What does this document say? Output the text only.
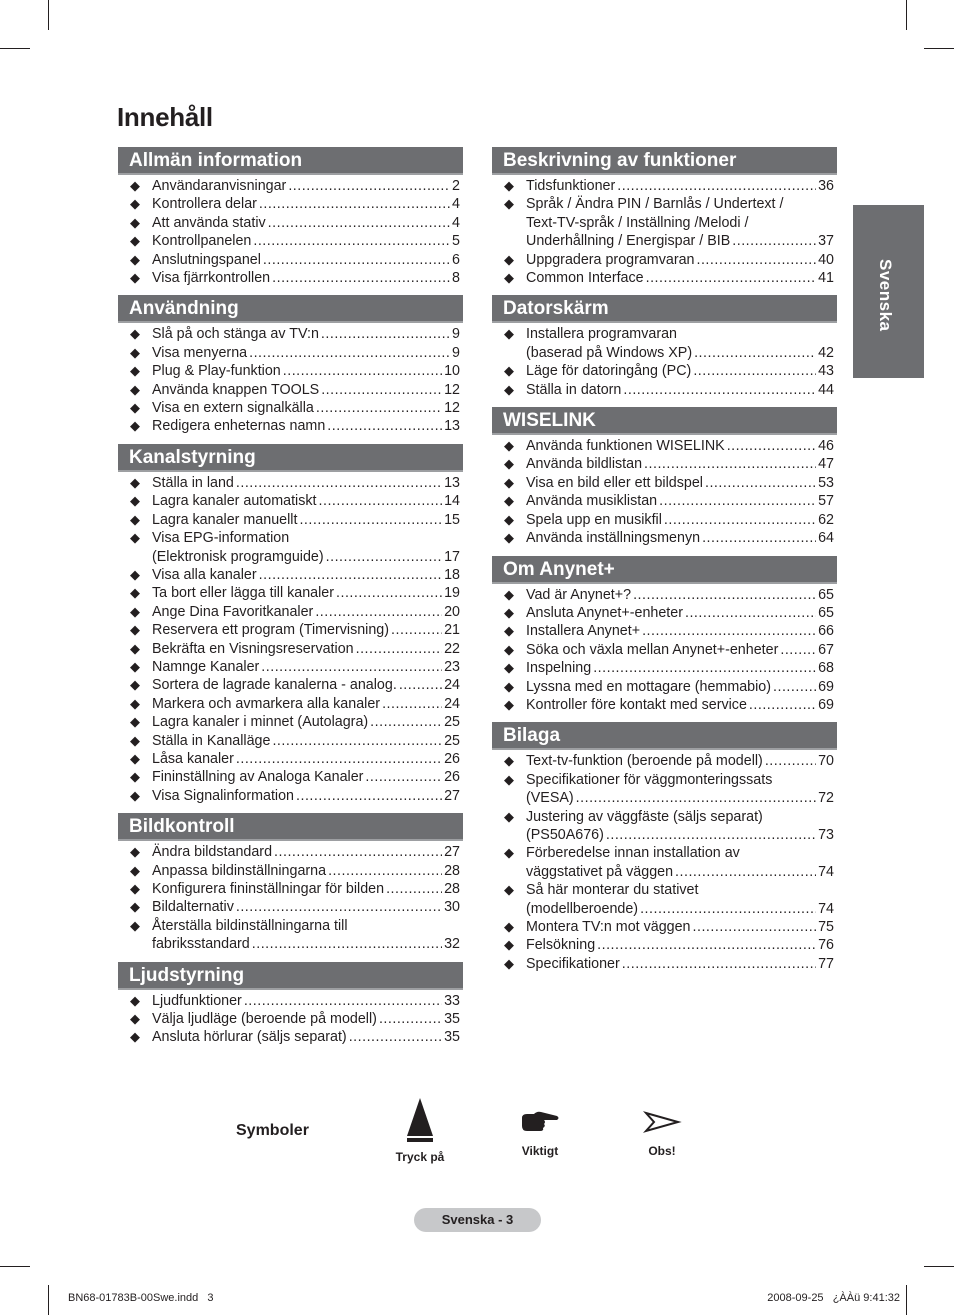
Innehåll
Allmän information
◆ Användaranvisningar .....	2
◆ Kontrollera delar .....	4
◆ Att använda stativ .....	4
◆ Kontrollpanelen .....	5
◆ Anslutningspanel .....	6
◆ Visa fjärrkontrollen .....	8
Användning
◆ Slå på och stänga av TV:n .....	9
◆ Visa menyerna .....	9
◆ Plug & Play-funktion .....	10
◆ Använda knappen TOOLS .....	12
◆ Visa en extern signalkälla .....	12
◆ Redigera enheternas namn .....	13
Kanalstyrning
◆ Ställa in land .....	13
◆ Lagra kanaler automatiskt .....	14
◆ Lagra kanaler manuellt .....	15
◆ Visa EPG-information
(Elektronisk programguide) .....	17
◆ Visa alla kanaler .....	18
◆ Ta bort eller lägga till kanaler .....	19
◆ Ange Dina Favoritkanaler .....	20
◆ Reservera ett program (Timervisning) .....	21
◆ Bekräfta en Visningsreservation .....	22
◆ Namnge Kanaler .....	23
◆ Sortera de lagrade kanalerna - analog. .....	24
◆ Markera och avmarkera alla kanaler .....	24
◆ Lagra kanaler i minnet (Autolagra) .....	25
◆ Ställa in Kanalläge .....	25
◆ Låsa kanaler .....	26
◆ Fininställning av Analoga Kanaler .....	26
◆ Visa Signalinformation .....	27
Bildkontroll
◆ Ändra bildstandard .....	27
◆ Anpassa bildinställningarna .....	28
◆ Konfigurera fininställningar för bilden .....	28
◆ Bildalternativ .....	30
◆ Återställa bildinställningarna till
fabriksstandard .....	32
Ljudstyrning
◆ Ljudfunktioner .....	33
◆ Välja ljudläge (beroende på modell) .....	35
◆ Ansluta hörlurar (säljs separat) .....	35
Beskrivning av funktioner
◆ Tidsfunktioner .....	36
◆ Språk / Ändra PIN / Barnlås / Undertext /
Text-TV-språk / Inställning /Melodi /
Underhållning / Energispar / BIB .....	37
◆ Uppgradera programvaran .....	40
◆ Common Interface .....	41
Datorskärm
◆ Installera programvaran
(baserad på Windows XP) .....	42
◆ Läge för datoringång (PC) .....	43
◆ Ställa in datorn .....	44
WISELINK
◆ Använda funktionen WISELINK .....	46
◆ Använda bildlistan .....	47
◆ Visa en bild eller ett bildspel .....	53
◆ Använda musiklistan .....	57
◆ Spela upp en musikfil .....	62
◆ Använda inställningsmenyn .....	64
Om Anynet+
◆ Vad är Anynet+? .....	65
◆ Ansluta Anynet+-enheter .....	65
◆ Installera Anynet+ .....	66
◆ Söka och växla mellan Anynet+-enheter .....	67
◆ Inspelning .....	68
◆ Lyssna med en mottagare (hemmabio) .....	69
◆ Kontroller före kontakt med service .....	69
Bilaga
◆ Text-tv-funktion (beroende på modell) .....	70
◆ Specifikationer för väggmonteringssats
(VESA) .....	72
◆ Justering av väggfäste (säljs separat)
(PS50A676) .....	73
◆ Förberedelse innan installation av
väggstativet på väggen .....	74
◆ Så här monterar du stativet
(modellberoende) .....	74
◆ Montera TV:n mot väggen .....	75
◆ Felsökning .....	76
◆ Specifikationer .....	77
Svenska
Symboler
Tryck på	Viktigt	Obs!
Svenska - 3
BN68-01783B-00Swe.indd   3	2008-09-25   ¿ÀÀü 9:41:32
